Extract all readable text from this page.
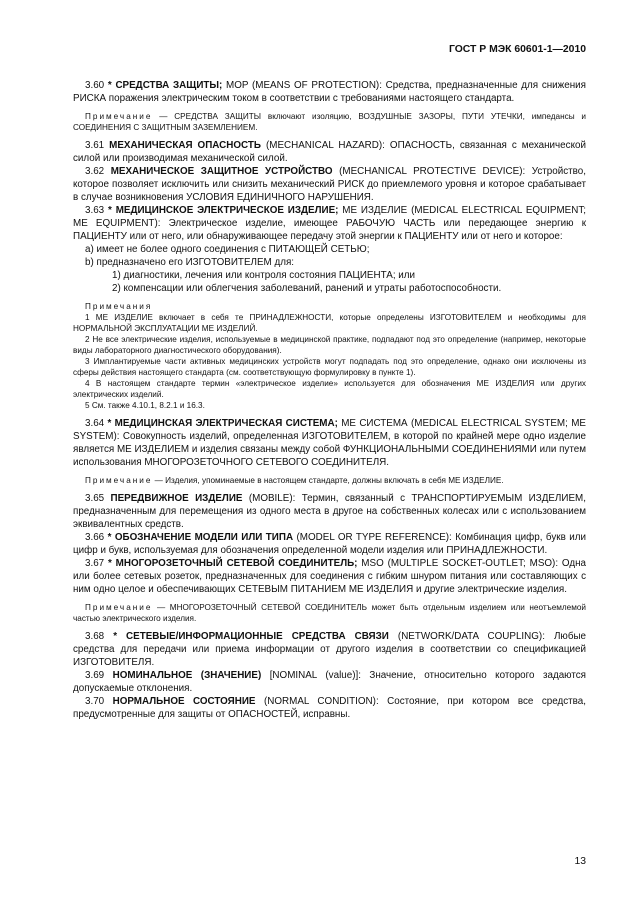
ГОСТ Р МЭК 60601-1—2010

3.60 * СРЕДСТВА ЗАЩИТЫ; MOP (MEANS OF PROTECTION): Средства, предназначенные для снижения РИСКА поражения электрическим током в соответствии с требованиями настоящего стандарта.

Примечание — СРЕДСТВА ЗАЩИТЫ включают изоляцию, ВОЗДУШНЫЕ ЗАЗОРЫ, ПУТИ УТЕЧКИ, импедансы и СОЕДИНЕНИЯ С ЗАЩИТНЫМ ЗАЗЕМЛЕНИЕМ.

3.61 МЕХАНИЧЕСКАЯ ОПАСНОСТЬ (MECHANICAL HAZARD): ОПАСНОСТЬ, связанная с механической силой или производимая механической силой.

3.62 МЕХАНИЧЕСКОЕ ЗАЩИТНОЕ УСТРОЙСТВО (MECHANICAL PROTECTIVE DEVICE): Устройство, которое позволяет исключить или снизить механический РИСК до приемлемого уровня и которое срабатывает в случае возникновения УСЛОВИЯ ЕДИНИЧНОГО НАРУШЕНИЯ.

3.63 * МЕДИЦИНСКОЕ ЭЛЕКТРИЧЕСКОЕ ИЗДЕЛИЕ; МЕ ИЗДЕЛИЕ (MEDICAL ELECTRICAL EQUIPMENT; ME EQUIPMENT): Электрическое изделие, имеющее РАБОЧУЮ ЧАСТЬ или передающее энергию к ПАЦИЕНТУ или от него, или обнаруживающее передачу этой энергии к ПАЦИЕНТУ или от него и которое:

a) имеет не более одного соединения с ПИТАЮЩЕЙ СЕТЬЮ;

b) предназначено его ИЗГОТОВИТЕЛЕМ для:

1) диагностики, лечения или контроля состояния ПАЦИЕНТА; или

2) компенсации или облегчения заболеваний, ранений и утраты работоспособности.

Примечания

1 МЕ ИЗДЕЛИЕ включает в себя те ПРИНАДЛЕЖНОСТИ, которые определены ИЗГОТОВИТЕЛЕМ и необходимы для НОРМАЛЬНОЙ ЭКСПЛУАТАЦИИ МЕ ИЗДЕЛИЙ.

2 Не все электрические изделия, используемые в медицинской практике, подпадают под это определение (например, некоторые виды лабораторного диагностического оборудования).

3 Имплантируемые части активных медицинских устройств могут подпадать под это определение, однако они исключены из сферы действия настоящего стандарта (см. соответствующую формулировку в пункте 1).

4 В настоящем стандарте термин «электрическое изделие» используется для обозначения МЕ ИЗДЕЛИЯ или других электрических изделий.

5 См. также 4.10.1, 8.2.1 и 16.3.

3.64 * МЕДИЦИНСКАЯ ЭЛЕКТРИЧЕСКАЯ СИСТЕМА; МЕ СИСТЕМА (MEDICAL ELECTRICAL SYSTEM; ME SYSTEM): Совокупность изделий, определенная ИЗГОТОВИТЕЛЕМ, в которой по крайней мере одно изделие является МЕ ИЗДЕЛИЕМ и изделия связаны между собой ФУНКЦИОНАЛЬНЫМИ СОЕДИНЕНИЯМИ или путем использования МНОГОРОЗЕТОЧНОГО СЕТЕВОГО СОЕДИНИТЕЛЯ.

Примечание — Изделия, упоминаемые в настоящем стандарте, должны включать в себя МЕ ИЗДЕЛИЕ.

3.65 ПЕРЕДВИЖНОЕ ИЗДЕЛИЕ (MOBILE): Термин, связанный с ТРАНСПОРТИРУЕМЫМ ИЗДЕЛИЕМ, предназначенным для перемещения из одного места в другое на собственных колесах или с использованием эквивалентных средств.

3.66 * ОБОЗНАЧЕНИЕ МОДЕЛИ ИЛИ ТИПА (MODEL OR TYPE REFERENCE): Комбинация цифр, букв или цифр и букв, используемая для обозначения определенной модели изделия или ПРИНАДЛЕЖНОСТИ.

3.67 * МНОГОРОЗЕТОЧНЫЙ СЕТЕВОЙ СОЕДИНИТЕЛЬ; MSO (MULTIPLE SOCKET-OUTLET; MSO): Одна или более сетевых розеток, предназначенных для соединения с гибким шнуром питания или составляющих с ним одно целое и обеспечивающих СЕТЕВЫМ ПИТАНИЕМ МЕ ИЗДЕЛИЯ и другие электрические изделия.

Примечание — МНОГОРОЗЕТОЧНЫЙ СЕТЕВОЙ СОЕДИНИТЕЛЬ может быть отдельным изделием или неотъемлемой частью электрического изделия.

3.68 * СЕТЕВЫЕ/ИНФОРМАЦИОННЫЕ СРЕДСТВА СВЯЗИ (NETWORK/DATA COUPLING): Любые средства для передачи или приема информации от другого изделия в соответствии со спецификацией ИЗГОТОВИТЕЛЯ.

3.69 НОМИНАЛЬНОЕ (ЗНАЧЕНИЕ) [NOMINAL (value)]: Значение, относительно которого задаются допускаемые отклонения.

3.70 НОРМАЛЬНОЕ СОСТОЯНИЕ (NORMAL CONDITION): Состояние, при котором все средства, предусмотренные для защиты от ОПАСНОСТЕЙ, исправны.

13
